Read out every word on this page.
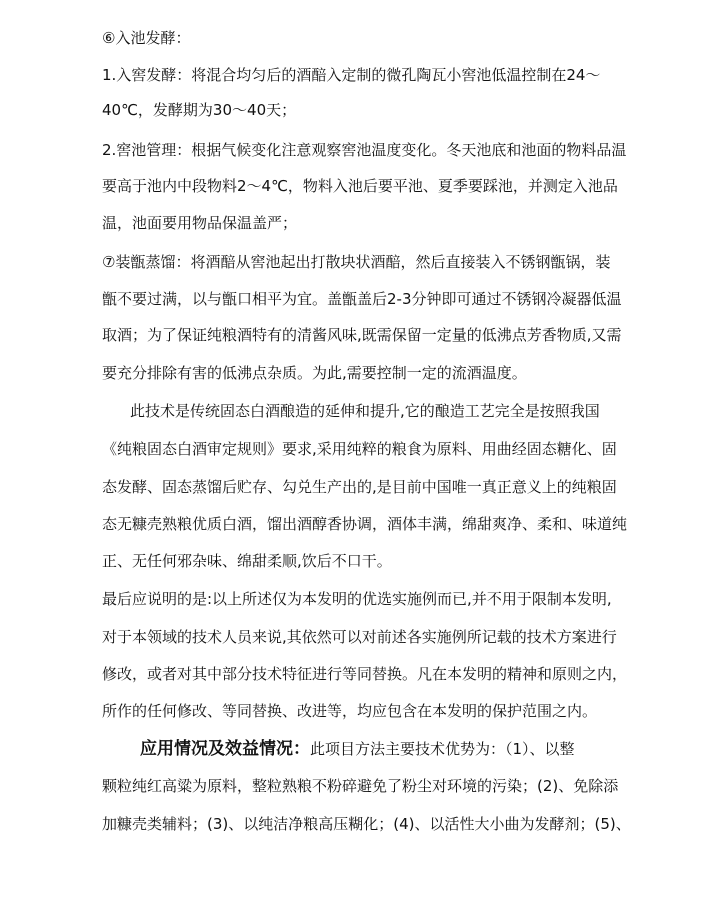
⑥入池发酵：
1.入窖发酵：将混合均匀后的酒醅入定制的微孔陶瓦小窖池低温控制在24～
40℃，发酵期为30～40天；
2.窖池管理：根据气候变化注意观察窖池温度变化。冬天池底和池面的物料品温
要高于池内中段物料2～4℃，物料入池后要平池、夏季要踩池，并测定入池品
温，池面要用物品保温盖严；
⑦装甑蒸馏：将酒醅从窖池起出打散块状酒醅，然后直接装入不锈钢甑锅，装
甑不要过满，以与甑口相平为宜。盖甑盖后2-3分钟即可通过不锈钢冷凝器低温
取酒；为了保证纯粮酒特有的清酱风味,既需保留一定量的低沸点芳香物质,又需
要充分排除有害的低沸点杂质。为此,需要控制一定的流酒温度。
此技术是传统固态白酒酿造的延伸和提升,它的酿造工艺完全是按照我国
《纯粮固态白酒审定规则》要求,采用纯粹的粮食为原料、用曲经固态糖化、固
态发酵、固态蒸馏后贮存、勾兑生产出的,是目前中国唯一真正意义上的纯粮固
态无糠壳熟粮优质白酒，馏出酒醇香协调，酒体丰满，绵甜爽净、柔和、味道纯
正、无任何邪杂味、绵甜柔顺,饮后不口干。
最后应说明的是:以上所述仅为本发明的优选实施例而已,并不用于限制本发明,
对于本领域的技术人员来说,其依然可以对前述各实施例所记载的技术方案进行
修改，或者对其中部分技术特征进行等同替换。凡在本发明的精神和原则之内，
所作的任何修改、等同替换、改进等，均应包含在本发明的保护范围之内。
应用情况及效益情况：此项目方法主要技术优势为：（1）、以整
颗粒纯红高粱为原料，整粒熟粮不粉碎避免了粉尘对环境的污染；(2)、免除添
加糠壳类辅料；(3)、以纯洁净粮高压糊化；(4)、以活性大小曲为发酵剂；(5)、
